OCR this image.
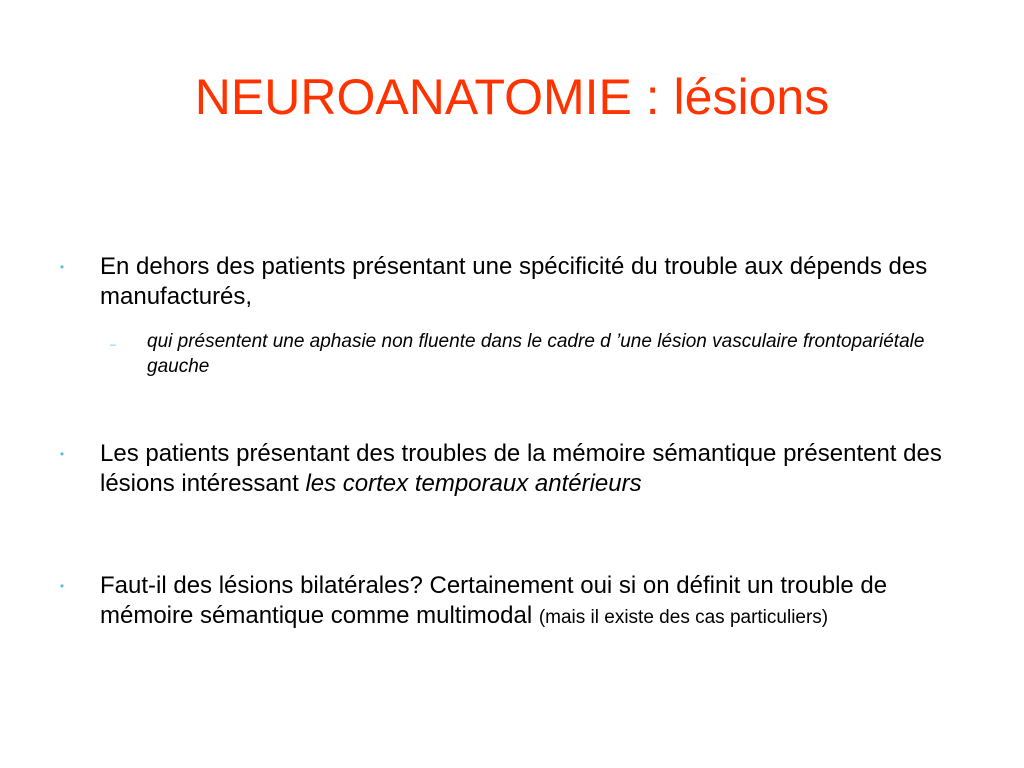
NEUROANATOMIE : lésions
• En dehors des patients présentant une spécificité du trouble aux dépends des manufacturés,
– qui présentent une aphasie non fluente dans le cadre d ’une lésion vasculaire frontopariétale gauche
• Les patients présentant des troubles de la mémoire sémantique présentent des lésions intéressant les cortex temporaux antérieurs
• Faut-il des lésions bilatérales? Certainement oui si on définit un trouble de mémoire sémantique comme multimodal (mais il existe des cas particuliers)
